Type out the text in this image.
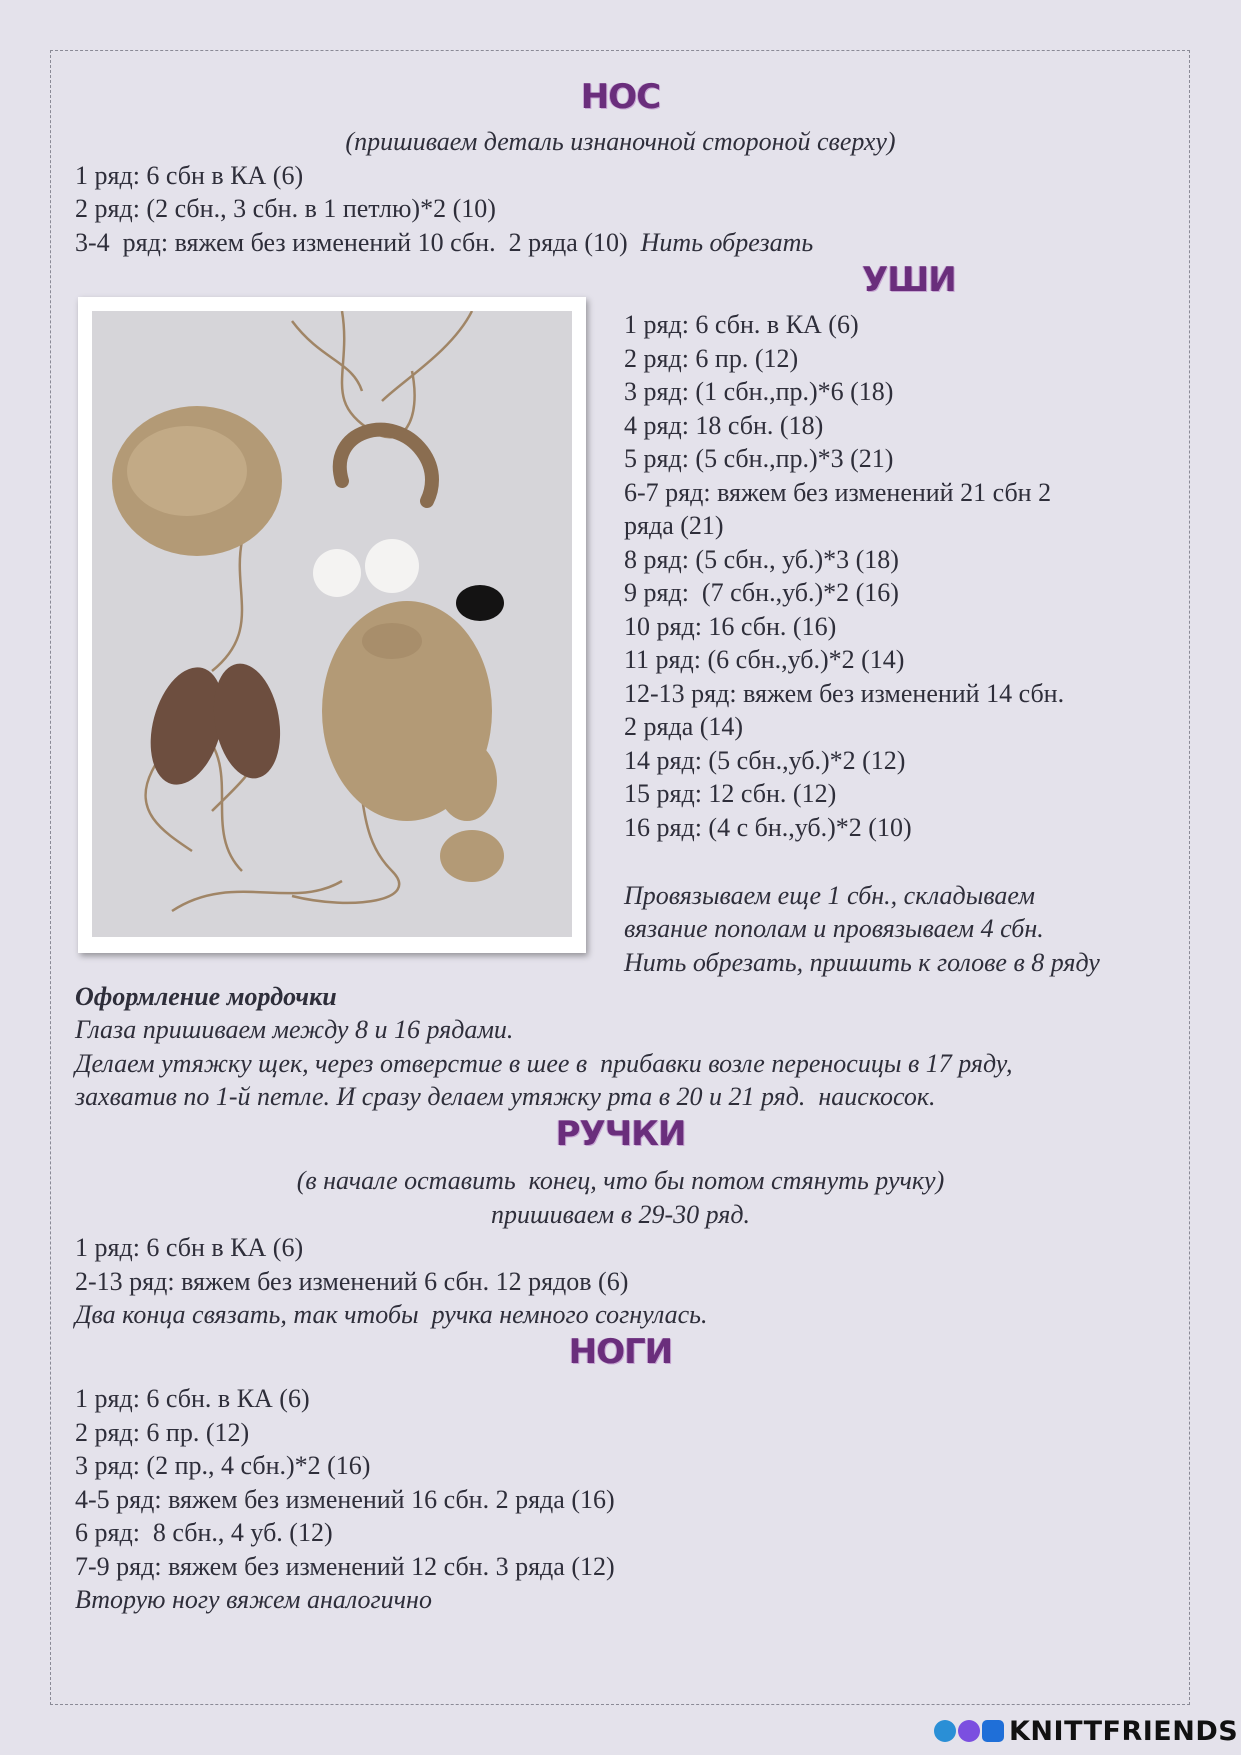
НОС
(пришиваем деталь изнаночной стороной сверху)
1 ряд: 6 сбн в КА (6)
2 ряд: (2 сбн., 3 сбн. в 1 петлю)*2 (10)
3-4  ряд: вяжем без изменений 10 сбн.  2 ряда (10) Нить обрезать
УШИ
1 ряд: 6 сбн. в КА (6)
2 ряд: 6 пр. (12)
3 ряд: (1 сбн.,пр.)*6 (18)
4 ряд: 18 сбн. (18)
5 ряд: (5 сбн.,пр.)*3 (21)
6-7 ряд: вяжем без изменений 21 сбн 2
ряда (21)
8 ряд: (5 сбн., уб.)*3 (18)
9 ряд:  (7 сбн.,уб.)*2 (16)
10 ряд: 16 сбн. (16)
11 ряд: (6 сбн.,уб.)*2 (14)
12-13 ряд: вяжем без изменений 14 сбн.
2 ряда (14)
14 ряд: (5 сбн.,уб.)*2 (12)
15 ряд: 12 сбн. (12)
16 ряд: (4 с бн.,уб.)*2 (10)
Провязываем еще 1 сбн., складываем
вязание пополам и провязываем 4 сбн.
Нить обрезать, пришить к голове в 8 ряду
Оформление мордочки
Глаза пришиваем между 8 и 16 рядами.
Делаем утяжку щек, через отверстие в шее в  прибавки возле переносицы в 17 ряду,
захватив по 1-й петле. И сразу делаем утяжку рта в 20 и 21 ряд.  наискосок.
РУЧКИ
(в начале оставить  конец, что бы потом стянуть ручку)
пришиваем в 29-30 ряд.
1 ряд: 6 сбн в КА (6)
2-13 ряд: вяжем без изменений 6 сбн. 12 рядов (6)
Два конца связать, так чтобы  ручка немного согнулась.
НОГИ
1 ряд: 6 сбн. в КА (6)
2 ряд: 6 пр. (12)
3 ряд: (2 пр., 4 сбн.)*2 (16)
4-5 ряд: вяжем без изменений 16 сбн. 2 ряда (16)
6 ряд:  8 сбн., 4 уб. (12)
7-9 ряд: вяжем без изменений 12 сбн. 3 ряда (12)
Вторую ногу вяжем аналогично
KNITTFRIENDS
